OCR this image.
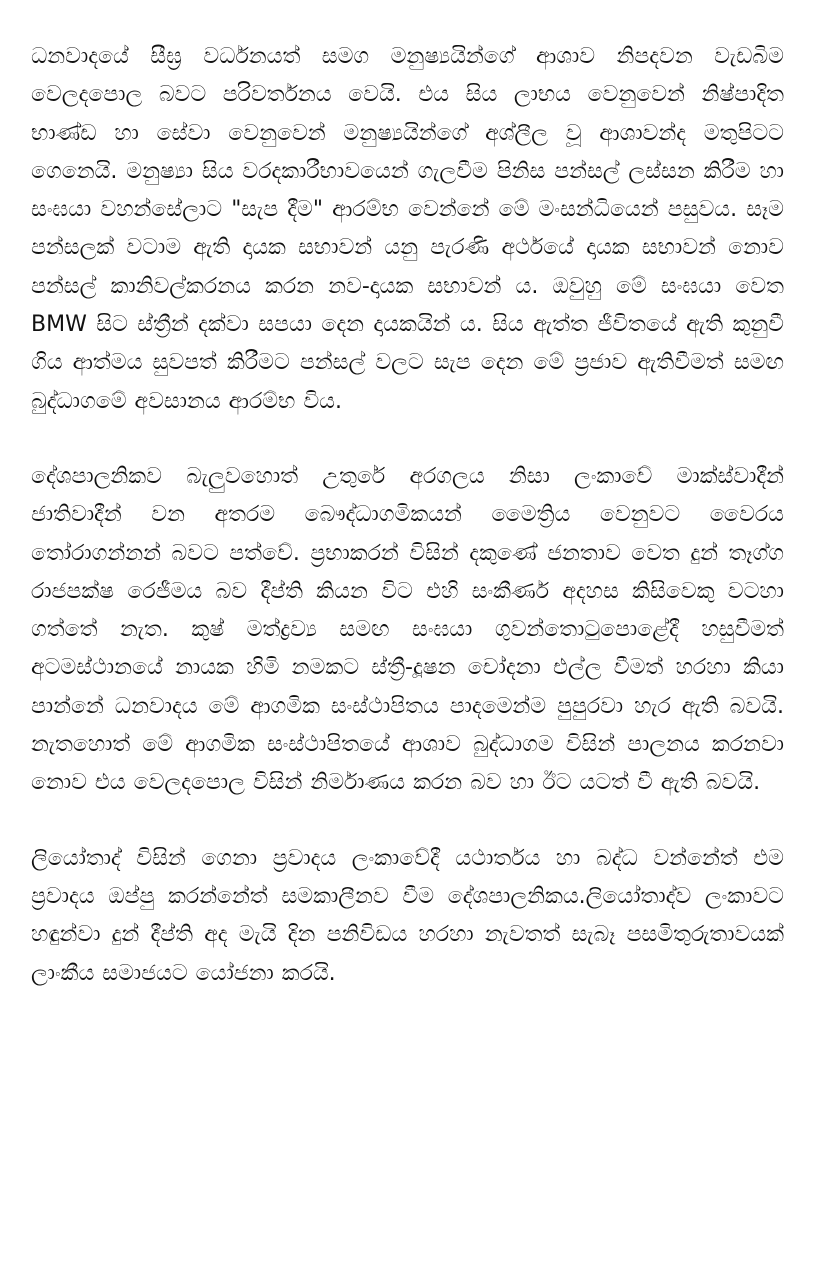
ධනවාදයේ සීඝ්‍ර වර්ධනයත් සමග මනුෂ්‍යයින්ගේ ආශාව නිපදවන වැඩබිම වෙලදපොල බවට පරිවර්තනය වෙයි. එය සිය ලාභය වෙනුවෙන් නිෂ්පාදිත භාණ්ඩ හා සේවා වෙනුවෙන් මනුෂ්‍යයින්ගේ අශ්ලීල වූ ආශාවන්ද මතුපිටට ගෙනෙයි. මනුෂ්‍යා සිය වරදකාරීභාවයෙන් ගැලවීම පිනිස පන්සල් ලස්සන කිරීම හා සංඝයා වහන්සේලාට "සැප දීම" ආරම්භ වෙන්නේ මේ මංසන්ධියෙන් පසුවය. සෑම පන්සලක් වටාම ඇති දායක සභාවන් යනු පැරණි අර්ථයේ දායක සභාවන් නොව පන්සල් කානිවල්කරනය කරන නව-දායක සභාවන් ය. ඔවුහු මේ සංඝයා වෙත BMW සිට ස්ත්‍රීන් දක්වා සපයා දෙන දායකයින් ය. සිය ඇත්ත ජීවිතයේ ඇති කුනුවී ගිය ආත්මය සුවපත් කිරීමට පන්සල් වලට සැප දෙන මේ ප්‍රජාව ඇතිවීමත් සමඟ බුද්ධාගමේ අවසානය ආරම්භ විය.

දේශපාලනිකව බැලුවහොත් උතුරේ අරගලය නිසා ලංකාවේ මාක්ස්වාදීන් ජාතිවාදීන් වන අතරම බෞද්ධාගමිකයන් මෛත්‍රිය වෙනුවට වෛරය තෝරාගන්නන් බවට පත්වේ. ප්‍රභාකරන් විසින් දකුණේ ජනතාව වෙත දුන් තෑග්ග රාජපක්ෂ රෙජීමය බව දීප්ති කියන විට එහි සංකීර්ණ අදහස කිසිවෙකු වටහා ගත්තේ නැත. කුෂ් මත්ද්‍රව්‍ය සමඟ සංඝයා ගුවන්තොටුපොළේදී හසුවීමත් අටමස්ථානයේ නායක හිමි නමකට ස්ත්‍රී-දූෂන චෝදනා එල්ල වීමත් හරහා කියා පාන්නේ ධනවාදය මේ ආගමික සංස්ථාපිතය පාදමෙන්ම පුපුරවා හැර ඇති බවයි. නැතහොත් මේ ආගමික සංස්ථාපිතයේ ආශාව බුද්ධාගම විසින් පාලනය කරනවා නොව එය වෙලදපොල විසින් නිර්මාණය කරන බව හා ඊට යටත් වී ඇති බවයි.

ලියෝතාද් විසින් ගෙනා ප්‍රවාදය ලංකාවේදී යථාර්තය හා බද්ධ වන්නේත් එම ප්‍රවාදය ඔප්පු කරන්නේත් සමකාලීනව වීම දේශපාලනිකය.ලියෝතාද්ව ලංකාවට හඳුන්වා දුන් දීප්ති අද මැයි දින පනිවිඩය හරහා නැවතත් සැබෑ පසමිතුරුතාවයක් ලාංකීය සමාජයට යෝජනා කරයි.
